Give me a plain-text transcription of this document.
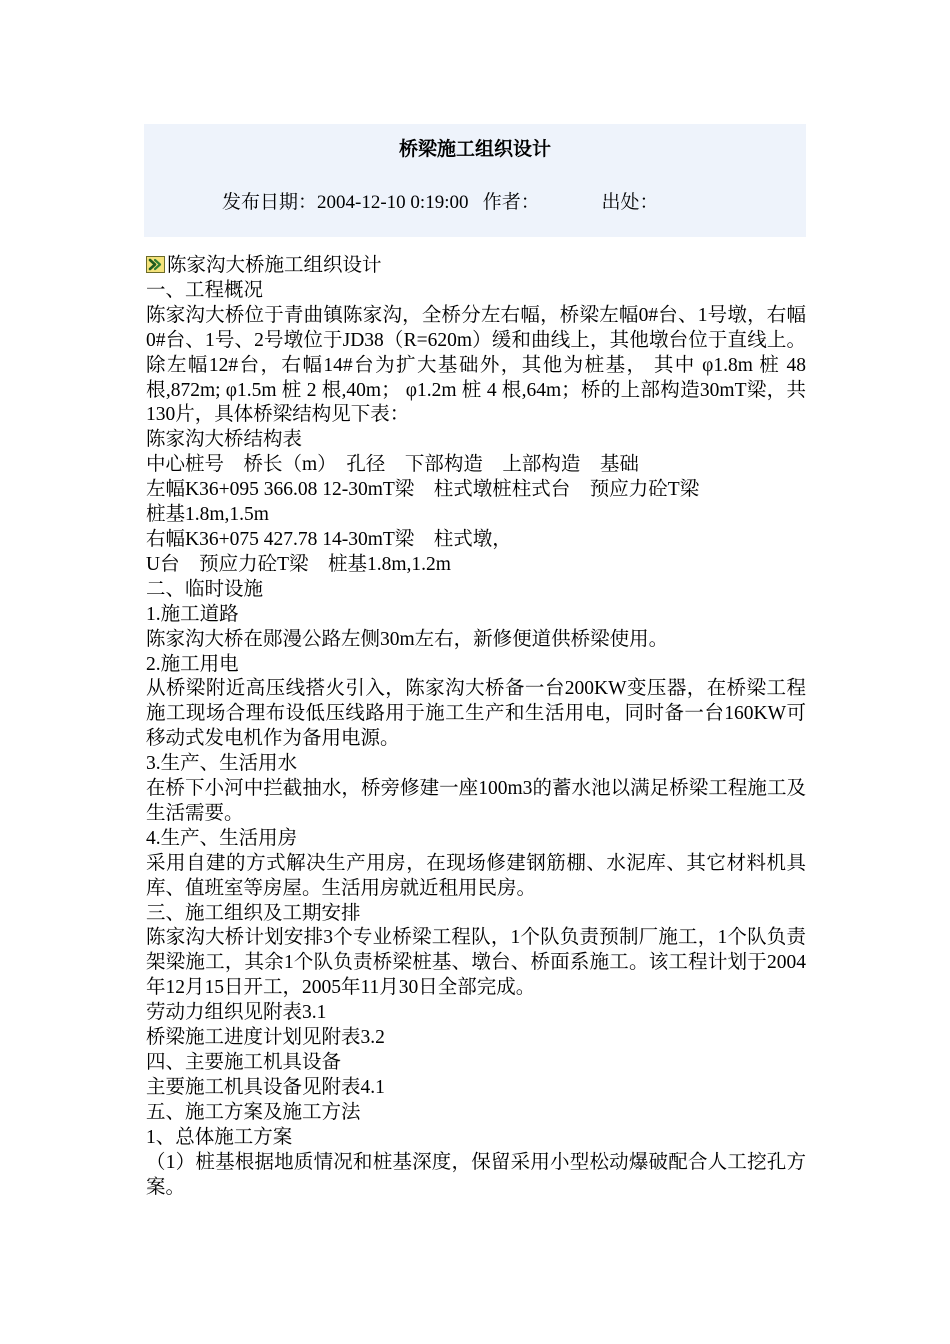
桥梁施工组织设计
发布日期：2004-12-10 0:19:00 作者：	出处：

陈家沟大桥施工组织设计

一、工程概况

陈家沟大桥位于青曲镇陈家沟，全桥分左右幅，桥梁左幅0#台、1号墩，右幅0#台、1号、2号墩位于JD38（R=620m）缓和曲线上，其他墩台位于直线上。除左幅12#台，右幅14#台为扩大基础外，其他为桩基， 其中 φ1.8m 桩 48 根,872m; φ1.5m 桩 2 根,40m； φ1.2m 桩 4 根,64m；桥的上部构造30mT梁，共130片，具体桥梁结构见下表：

陈家沟大桥结构表

中心桩号　桥长（m）　孔径　下部构造　上部构造　基础

左幅K36+095 366.08 12-30mT梁　柱式墩桩柱式台　预应力砼T梁

桩基1.8m,1.5m

右幅K36+075 427.78 14-30mT梁　柱式墩，

U台　预应力砼T梁　桩基1.8m,1.2m

二、临时设施

1.施工道路

陈家沟大桥在郧漫公路左侧30m左右，新修便道供桥梁使用。

2.施工用电

从桥梁附近高压线搭火引入，陈家沟大桥备一台200KW变压器，在桥梁工程施工现场合理布设低压线路用于施工生产和生活用电，同时备一台160KW可移动式发电机作为备用电源。

3.生产、生活用水

在桥下小河中拦截抽水，桥旁修建一座100m3的蓄水池以满足桥梁工程施工及生活需要。

4.生产、生活用房

采用自建的方式解决生产用房，在现场修建钢筋棚、水泥库、其它材料机具库、值班室等房屋。生活用房就近租用民房。

三、施工组织及工期安排

陈家沟大桥计划安排3个专业桥梁工程队，1个队负责预制厂施工，1个队负责架梁施工，其余1个队负责桥梁桩基、墩台、桥面系施工。该工程计划于2004年12月15日开工，2005年11月30日全部完成。

劳动力组织见附表3.1

桥梁施工进度计划见附表3.2

四、主要施工机具设备

主要施工机具设备见附表4.1

五、施工方案及施工方法

1、总体施工方案

（1）桩基根据地质情况和桩基深度，保留采用小型松动爆破配合人工挖孔方案。
